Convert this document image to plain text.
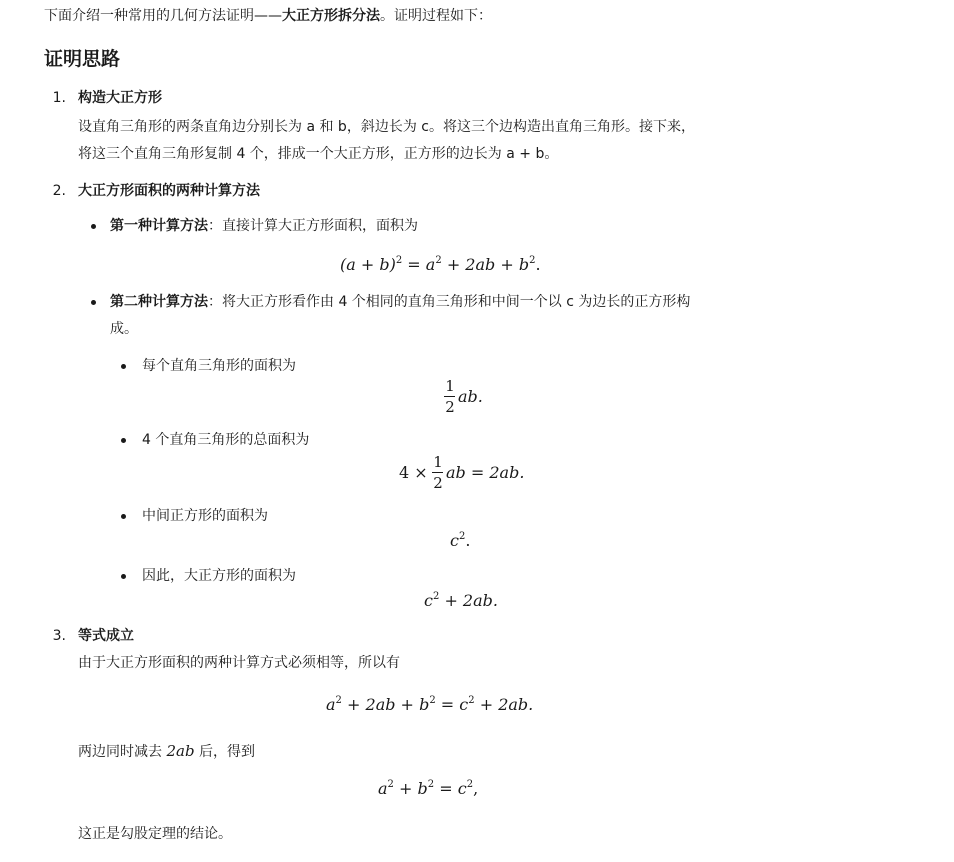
下面介绍一种常用的几何方法证明——大正方形拆分法。证明过程如下：
证明思路
1. 构造大正方形
设直角三角形的两条直角边分别长为 a 和 b，斜边长为 c。将这三个边构造出直角三角形。接下来，
将这三个直角三角形复制 4 个，排成一个大正方形，正方形的边长为 a + b。
2. 大正方形面积的两种计算方法
第一种计算方法：直接计算大正方形面积，面积为
$(a + b)^2 = a^2 + 2ab + b^2$.
第二种计算方法：将大正方形看作由 4 个相同的直角三角形和中间一个以 c 为边长的正方形构
成。
每个直角三角形的面积为
1
2
ab.
4 个直角三角形的总面积为
4 ×
1
2
ab = 2ab.
中间正方形的面积为
$c^2$.
因此，大正方形的面积为
$c^2 + 2ab$.
3. 等式成立
由于大正方形面积的两种计算方式必须相等，所以有
$a^2 + 2ab + b^2 = c^2 + 2ab$.
两边同时减去 2ab 后，得到
$a^2 + b^2 = c^2$,
这正是勾股定理的结论。
